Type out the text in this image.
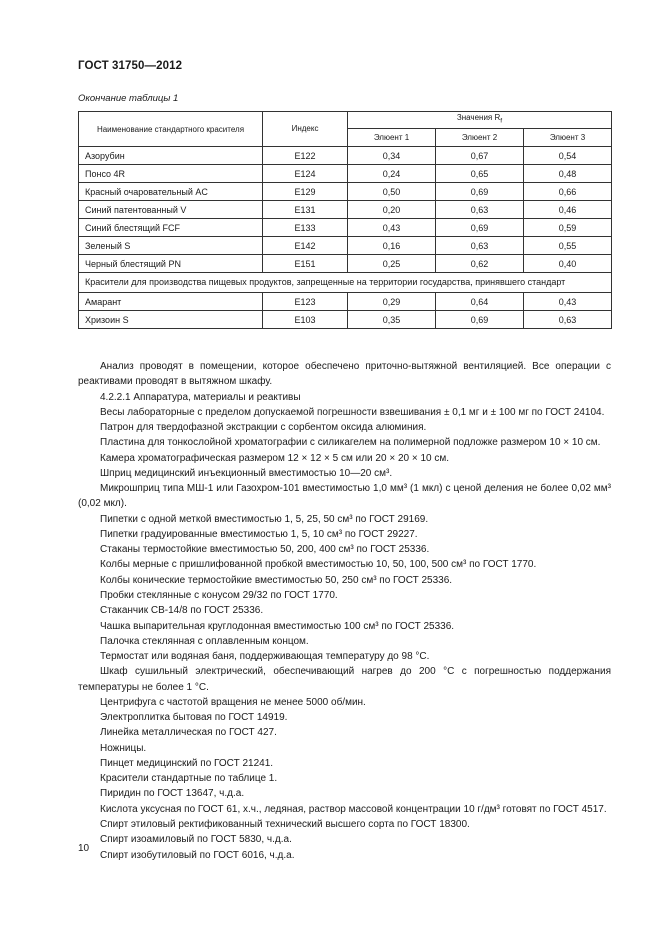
ГОСТ 31750—2012
Окончание таблицы 1
Наименование стандартного красителя	Индекс	Значения $R_f$
		Элюент 1	Элюент 2	Элюент 3
Азорубин	E122	0,34	0,67	0,54
Понсо 4R	E124	0,24	0,65	0,48
Красный очаровательный AC	E129	0,50	0,69	0,66
Синий патентованный V	E131	0,20	0,63	0,46
Синий блестящий FCF	E133	0,43	0,69	0,59
Зеленый S	E142	0,16	0,63	0,55
Черный блестящий PN	E151	0,25	0,62	0,40
Красители для производства пищевых продуктов, запрещенные на территории государства, принявшего стандарт				
Амарант	E123	0,29	0,64	0,43
Хризоин S	E103	0,35	0,69	0,63

Анализ проводят в помещении, которое обеспечено приточно-вытяжной вентиляцией. Все операции с реактивами проводят в вытяжном шкафу.

4.2.2.1 Аппаратура, материалы и реактивы

Весы лабораторные с пределом допускаемой погрешности взвешивания ± 0,1 мг и ± 100 мг по ГОСТ 24104.

Патрон для твердофазной экстракции с сорбентом оксида алюминия.

Пластина для тонкослойной хроматографии с силикагелем на полимерной подложке размером 10 × 10 см.

Камера хроматографическая размером 12 × 12 × 5 см или 20 × 20 × 10 см.

Шприц медицинский инъекционный вместимостью 10—20 см³.

Микрошприц типа МШ-1 или Газохром-101 вместимостью 1,0 мм³ (1 мкл) с ценой деления не более 0,02 мм³ (0,02 мкл).

Пипетки с одной меткой вместимостью 1, 5, 25, 50 см³ по ГОСТ 29169.

Пипетки градуированные вместимостью 1, 5, 10 см³ по ГОСТ 29227.

Стаканы термостойкие вместимостью 50, 200, 400 см³ по ГОСТ 25336.

Колбы мерные с пришлифованной пробкой вместимостью 10, 50, 100, 500 см³ по ГОСТ 1770.

Колбы конические термостойкие вместимостью 50, 250 см³ по ГОСТ 25336.

Пробки стеклянные с конусом 29/32 по ГОСТ 1770.

Стаканчик СВ-14/8 по ГОСТ 25336.

Чашка выпарительная круглодонная вместимостью 100 см³ по ГОСТ 25336.

Палочка стеклянная с оплавленным концом.

Термостат или водяная баня, поддерживающая температуру до 98 °С.

Шкаф сушильный электрический, обеспечивающий нагрев до 200 °С с погрешностью поддержания температуры не более 1 °С.

Центрифуга с частотой вращения не менее 5000 об/мин.

Электроплитка бытовая по ГОСТ 14919.

Линейка металлическая по ГОСТ 427.

Ножницы.

Пинцет медицинский по ГОСТ 21241.

Красители стандартные по таблице 1.

Пиридин по ГОСТ 13647, ч.д.а.

Кислота уксусная по ГОСТ 61, х.ч., ледяная, раствор массовой концентрации 10 г/дм³ готовят по ГОСТ 4517.

Спирт этиловый ректификованный технический высшего сорта по ГОСТ 18300.

Спирт изоамиловый по ГОСТ 5830, ч.д.а.

Спирт изобутиловый по ГОСТ 6016, ч.д.а.

10
